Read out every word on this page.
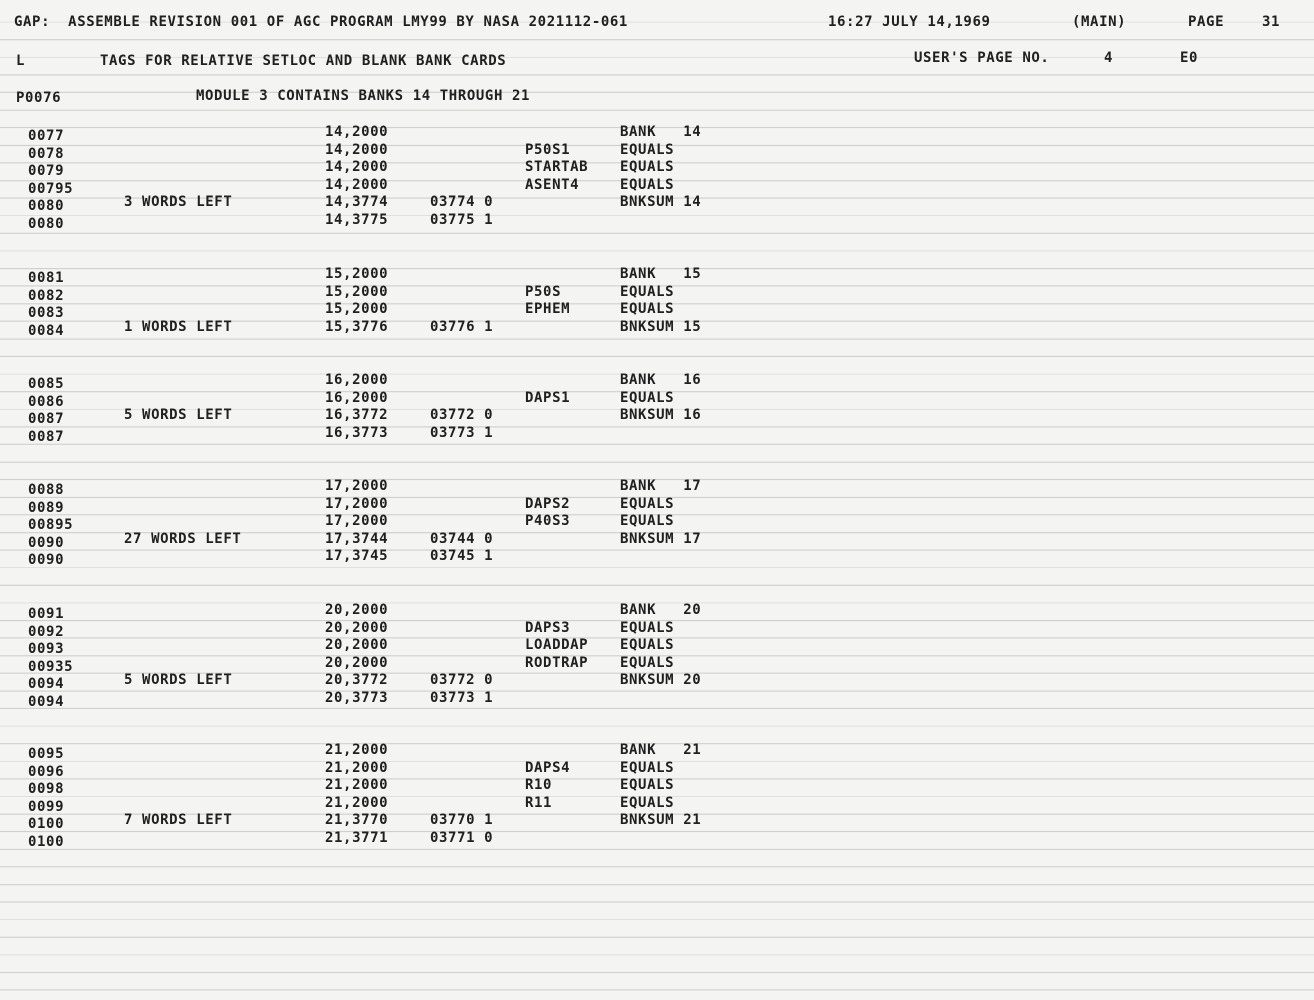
GAP:  ASSEMBLE REVISION 001 OF AGC PROGRAM LMY99 BY NASA 2021112-061	16:27 JULY 14,1969	(MAIN)	PAGE	31
L	TAGS FOR RELATIVE SETLOC AND BLANK BANK CARDS	USER'S PAGE NO.	4	E0
P0076	MODULE 3 CONTAINS BANKS 14 THROUGH 21
0077	14,2000	BANK   14
0078	14,2000	P50S1	EQUALS
0079	14,2000	STARTAB EQUALS
00795	14,2000	ASENT4	EQUALS
0080	3 WORDS LEFT	14,3774	03774 0	BNKSUM 14
0080	14,3775	03775 1
0081	15,2000	BANK   15
0082	15,2000	P50S	EQUALS
0083	15,2000	EPHEM	EQUALS
0084	1 WORDS LEFT	15,3776	03776 1	BNKSUM 15
0085	16,2000	BANK   16
0086	16,2000	DAPS1	EQUALS
0087	5 WORDS LEFT	16,3772	03772 0	BNKSUM 16
0087	16,3773	03773 1
0088	17,2000	BANK   17
0089	17,2000	DAPS2	EQUALS
00895	17,2000	P40S3	EQUALS
0090	27 WORDS LEFT	17,3744	03744 0	BNKSUM 17
0090	17,3745	03745 1
0091	20,2000	BANK   20
0092	20,2000	DAPS3	EQUALS
0093	20,2000	LOADDAP EQUALS
00935	20,2000	RODTRAP EQUALS
0094	5 WORDS LEFT	20,3772	03772 0	BNKSUM 20
0094	20,3773	03773 1
0095	21,2000	BANK   21
0096	21,2000	DAPS4	EQUALS
0098	21,2000	R10	EQUALS
0099	21,2000	R11	EQUALS
0100	7 WORDS LEFT	21,3770	03770 1	BNKSUM 21
0100	21,3771	03771 0
